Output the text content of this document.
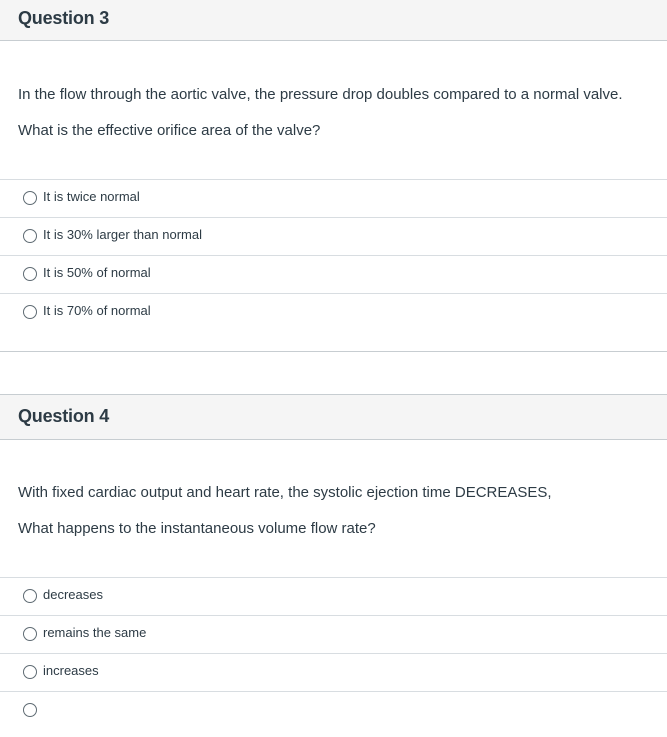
Question 3
In the flow through the aortic valve, the pressure drop doubles compared to a normal valve.
What is the effective orifice area of the valve?
It is twice normal
It is 30% larger than normal
It is 50% of normal
It is 70% of normal
Question 4
With fixed cardiac output and heart rate, the systolic ejection time DECREASES,
What happens to the instantaneous volume flow rate?
decreases
remains the same
increases
